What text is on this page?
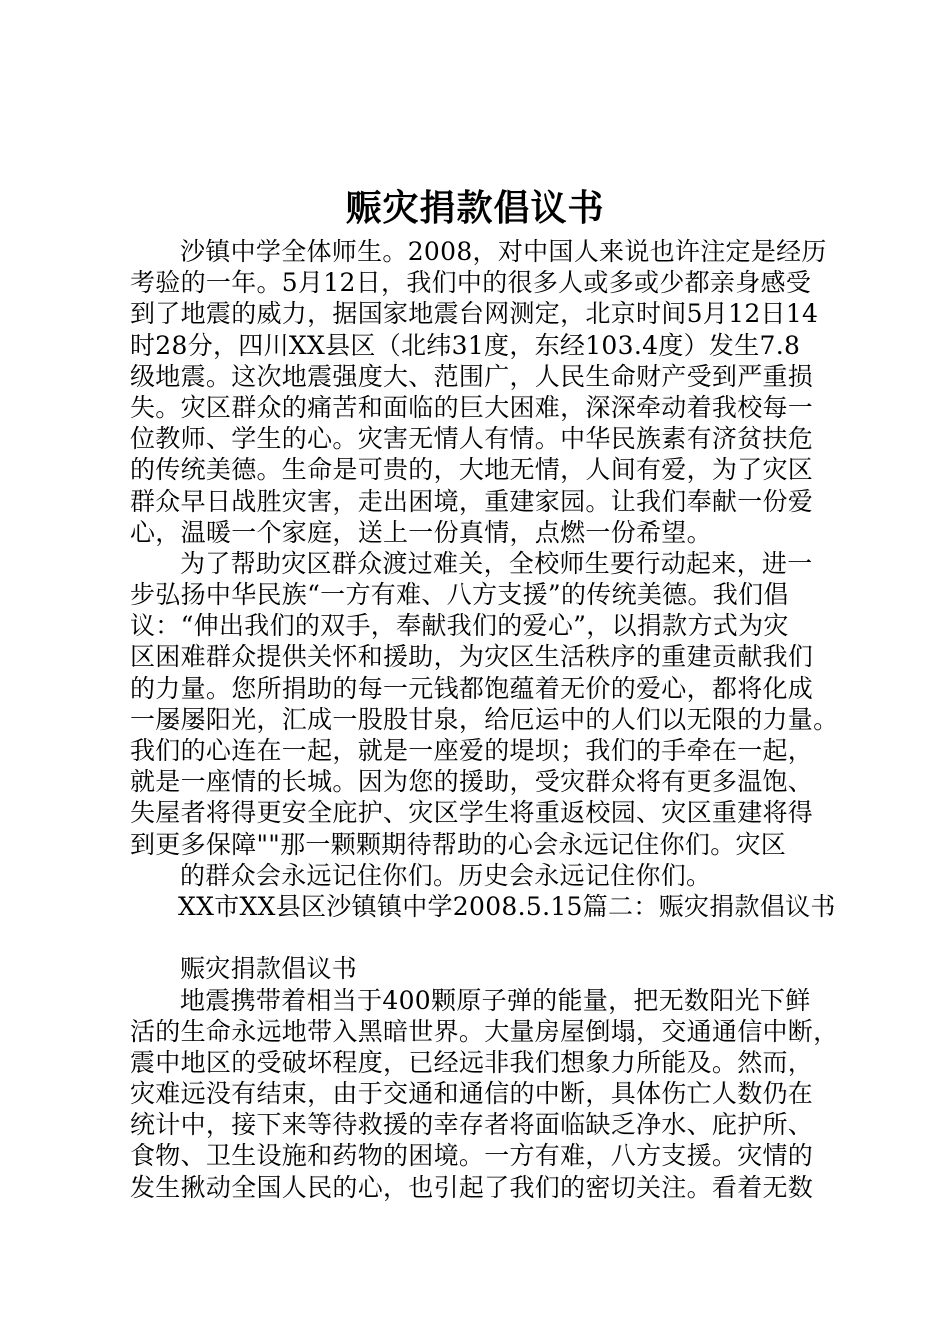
赈灾捐款倡议书
沙镇中学全体师生。2008，对中国人来说也许注定是经历
考验的一年。5月12日，我们中的很多人或多或少都亲身感受
到了地震的威力，据国家地震台网测定，北京时间5月12日14
时28分，四川XX县区（北纬31度，东经103.4度）发生7.8
级地震。这次地震强度大、范围广，人民生命财产受到严重损
失。灾区群众的痛苦和面临的巨大困难，深深牵动着我校每一
位教师、学生的心。灾害无情人有情。中华民族素有济贫扶危
的传统美德。生命是可贵的，大地无情，人间有爱，为了灾区
群众早日战胜灾害，走出困境，重建家园。让我们奉献一份爱
心，温暖一个家庭，送上一份真情，点燃一份希望。
为了帮助灾区群众渡过难关，全校师生要行动起来，进一
步弘扬中华民族“一方有难、八方支援”的传统美德。我们倡
议：“伸出我们的双手，奉献我们的爱心”，以捐款方式为灾
区困难群众提供关怀和援助，为灾区生活秩序的重建贡献我们
的力量。您所捐助的每一元钱都饱蕴着无价的爱心，都将化成
一屡屡阳光，汇成一股股甘泉，给厄运中的人们以无限的力量。
我们的心连在一起，就是一座爱的堤坝；我们的手牵在一起，
就是一座情的长城。因为您的援助，受灾群众将有更多温饱、
失屋者将得更安全庇护、灾区学生将重返校园、灾区重建将得
到更多保障""那一颗颗期待帮助的心会永远记住你们。灾区
的群众会永远记住你们。历史会永远记住你们。
XX市XX县区沙镇镇中学2008.5.15篇二：赈灾捐款倡议书
赈灾捐款倡议书
地震携带着相当于400颗原子弹的能量，把无数阳光下鲜
活的生命永远地带入黑暗世界。大量房屋倒塌，交通通信中断，
震中地区的受破坏程度，已经远非我们想象力所能及。然而，
灾难远没有结束，由于交通和通信的中断，具体伤亡人数仍在
统计中，接下来等待救援的幸存者将面临缺乏净水、庇护所、
食物、卫生设施和药物的困境。一方有难，八方支援。灾情的
发生揪动全国人民的心，也引起了我们的密切关注。看着无数
